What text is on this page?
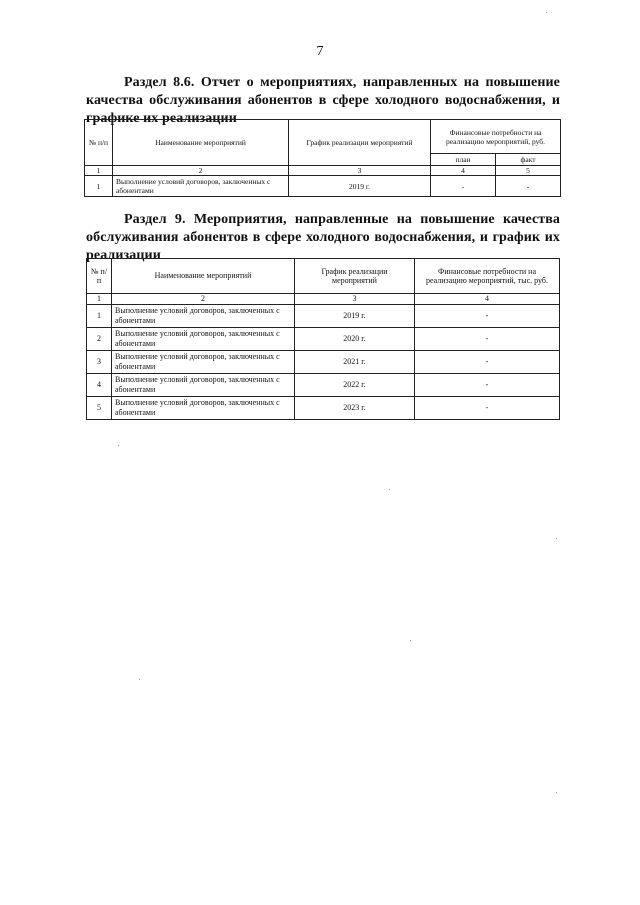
7

Раздел 8.6. Отчет о мероприятиях, направленных на повышение качества обслуживания абонентов в сфере холодного водоснабжения, и графике их реализации

№ п/п	Наименование мероприятий	График реализации мероприятий	Финансовые потребности на реализацию мероприятий, руб.	
			план	факт
1	2	3	4	5
1	Выполнение условий договоров, заключенных с абонентами	2019 г.	-	-

Раздел 9. Мероприятия, направленные на повышение качества обслуживания абонентов в сфере холодного водоснабжения, и график их реализации

№ п/п	Наименование мероприятий	График реализации мероприятий	Финансовые потребности на реализацию мероприятий, тыс. руб.
1	2	3	4
1	Выполнение условий договоров, заключенных с абонентами	2019 г.	-
2	Выполнение условий договоров, заключенных с абонентами	2020 г.	-
3	Выполнение условий договоров, заключенных с абонентами	2021 г.	-
4	Выполнение условий договоров, заключенных с абонентами	2022 г.	-
5	Выполнение условий договоров, заключенных с абонентами	2023 г.	-
